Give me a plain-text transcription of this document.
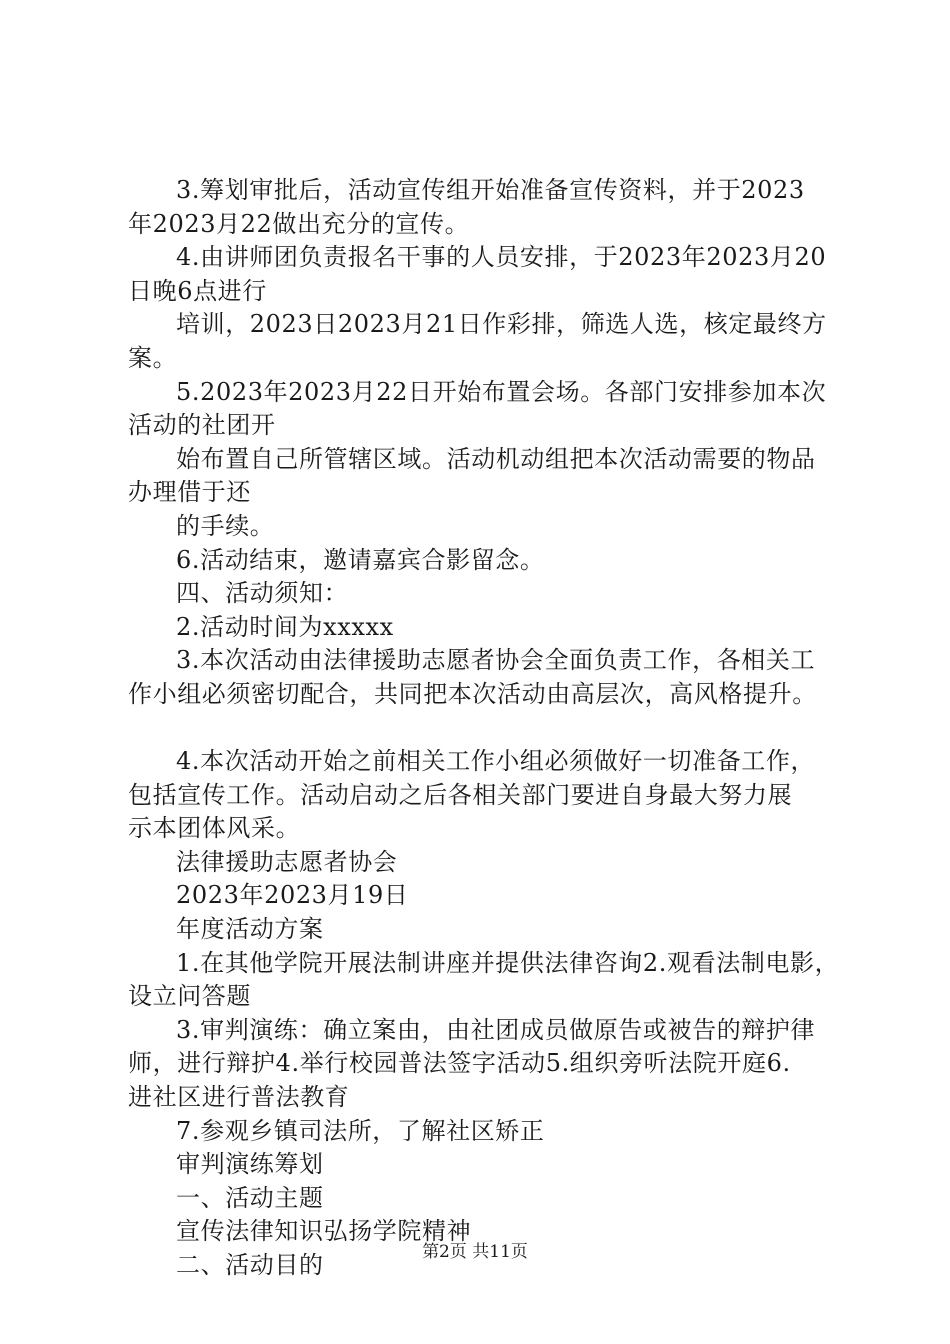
3.筹划审批后，活动宣传组开始准备宣传资料，并于2023
年2023月22做出充分的宣传。
4.由讲师团负责报名干事的人员安排，于2023年2023月20
日晚6点进行
培训，2023日2023月21日作彩排，筛选人选，核定最终方
案。
5.2023年2023月22日开始布置会场。各部门安排参加本次
活动的社团开
始布置自己所管辖区域。活动机动组把本次活动需要的物品
办理借于还
的手续。
6.活动结束，邀请嘉宾合影留念。
四、活动须知：
2.活动时间为xxxxx
3.本次活动由法律援助志愿者协会全面负责工作，各相关工
作小组必须密切配合，共同把本次活动由高层次，高风格提升。
4.本次活动开始之前相关工作小组必须做好一切准备工作，
包括宣传工作。活动启动之后各相关部门要进自身最大努力展
示本团体风采。
法律援助志愿者协会
2023年2023月19日
年度活动方案
1.在其他学院开展法制讲座并提供法律咨询2.观看法制电影，
设立问答题
3.审判演练：确立案由，由社团成员做原告或被告的辩护律
师，进行辩护4.举行校园普法签字活动5.组织旁听法院开庭6.
进社区进行普法教育
7.参观乡镇司法所，了解社区矫正
审判演练筹划
一、活动主题
宣传法律知识弘扬学院精神
二、活动目的	第2页 共11页
